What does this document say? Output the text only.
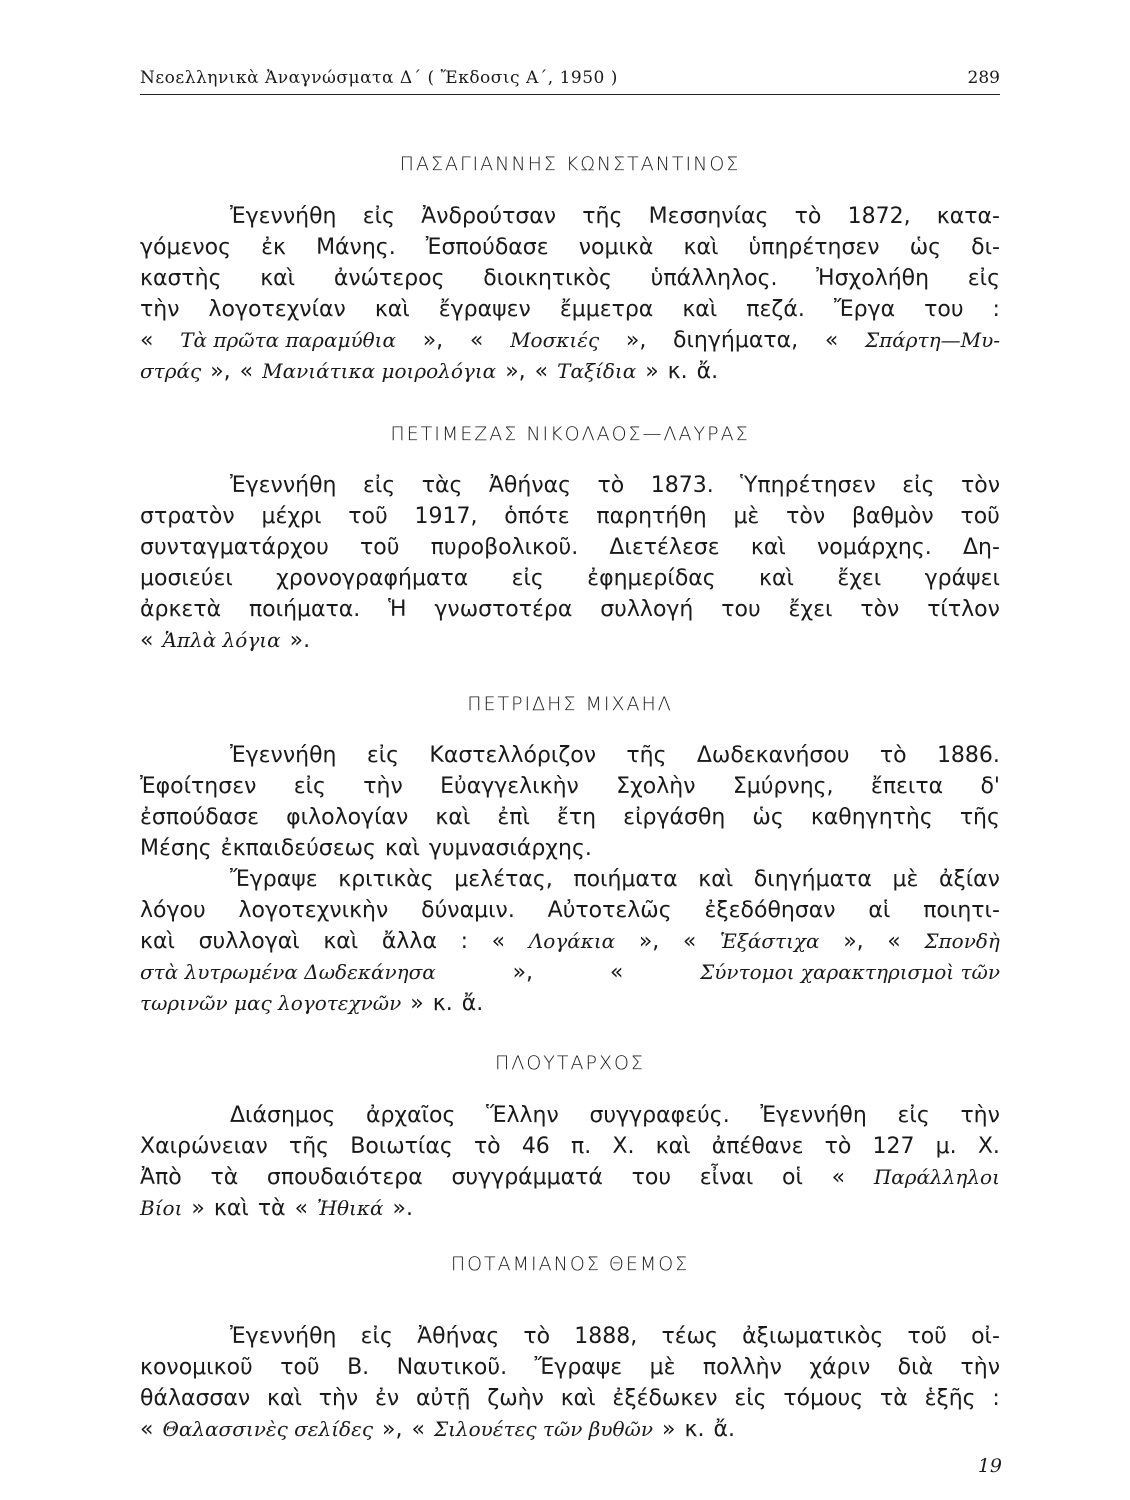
Νεοελληνικὰ Ἀναγνώσματα Δ΄ ( Ἔκδοσις Α΄, 1950 )	289
ΠΑΣΑΓΙΑΝΝΗΣ ΚΩΝΣΤΑΝΤΙΝΟΣ
Ἐγεννήθη εἰς Ἀνδρούτσαν τῆς Μεσσηνίας τὸ 1872, κατα-
γόμενος ἐκ Μάνης. Ἐσπούδασε νομικὰ καὶ ὑπηρέτησεν ὡς δι-
καστὴς καὶ ἀνώτερος διοικητικὸς ὑπάλληλος. Ἠσχολήθη εἰς
τὴν λογοτεχνίαν καὶ ἔγραψεν ἔμμετρα καὶ πεζά. Ἔργα του :
« Τὰ πρῶτα παραμύθια », « Μοσκιές », διηγήματα, « Σπάρτη—Μυ-
στράς », « Μανιάτικα μοιρολόγια », « Ταξίδια » κ. ἄ.
ΠΕΤΙΜΕΖΑΣ ΝΙΚΟΛΑΟΣ—ΛΑΥΡΑΣ
Ἐγεννήθη εἰς τὰς Ἀθήνας τὸ 1873. Ὑπηρέτησεν εἰς τὸν
στρατὸν μέχρι τοῦ 1917, ὁπότε παρητήθη μὲ τὸν βαθμὸν τοῦ
συνταγματάρχου τοῦ πυροβολικοῦ. Διετέλεσε καὶ νομάρχης. Δη-
μοσιεύει χρονογραφήματα εἰς ἐφημερίδας καὶ ἔχει γράψει
ἀρκετὰ ποιήματα. Ἡ γνωστοτέρα συλλογή του ἔχει τὸν τίτλον
« Ἁπλὰ λόγια ».
ΠΕΤΡΙΔΗΣ ΜΙΧΑΗΛ
Ἐγεννήθη εἰς Καστελλόριζον τῆς Δωδεκανήσου τὸ 1886.
Ἐφοίτησεν εἰς τὴν Εὐαγγελικὴν Σχολὴν Σμύρνης, ἔπειτα δ'
ἐσπούδασε φιλολογίαν καὶ ἐπὶ ἔτη εἰργάσθη ὡς καθηγητὴς τῆς
Μέσης ἐκπαιδεύσεως καὶ γυμνασιάρχης.
Ἔγραψε κριτικὰς μελέτας, ποιήματα καὶ διηγήματα μὲ ἀξίαν
λόγου λογοτεχνικὴν δύναμιν. Αὐτοτελῶς ἐξεδόθησαν αἱ ποιητι-
καὶ συλλογαὶ καὶ ἄλλα : « Λογάκια », « Ἑξάστιχα », « Σπονδὴ
στὰ λυτρωμένα Δωδεκάνησα	»,	«	Σύντομοι χαρακτηρισμοὶ τῶν
τωρινῶν μας λογοτεχνῶν » κ. ἄ.
ΠΛΟΥΤΑΡΧΟΣ
Διάσημος ἀρχαῖος Ἕλλην συγγραφεύς. Ἐγεννήθη εἰς τὴν
Χαιρώνειαν τῆς Βοιωτίας τὸ 46 π. Χ. καὶ ἀπέθανε τὸ 127 μ. Χ.
Ἀπὸ τὰ σπουδαιότερα συγγράμματά του εἶναι οἱ « Παράλληλοι
Βίοι » καὶ τὰ « Ἠθικά ».
ΠΟΤΑΜΙΑΝΟΣ ΘΕΜΟΣ
Ἐγεννήθη εἰς Ἀθήνας τὸ 1888, τέως ἀξιωματικὸς τοῦ οἰ-
κονομικοῦ τοῦ Β. Ναυτικοῦ. Ἔγραψε μὲ πολλὴν χάριν διὰ τὴν
θάλασσαν καὶ τὴν ἐν αὐτῇ ζωὴν καὶ ἐξέδωκεν εἰς τόμους τὰ ἑξῆς :
« Θαλασσινὲς σελίδες », « Σιλουέτες τῶν βυθῶν » κ. ἄ.
19
